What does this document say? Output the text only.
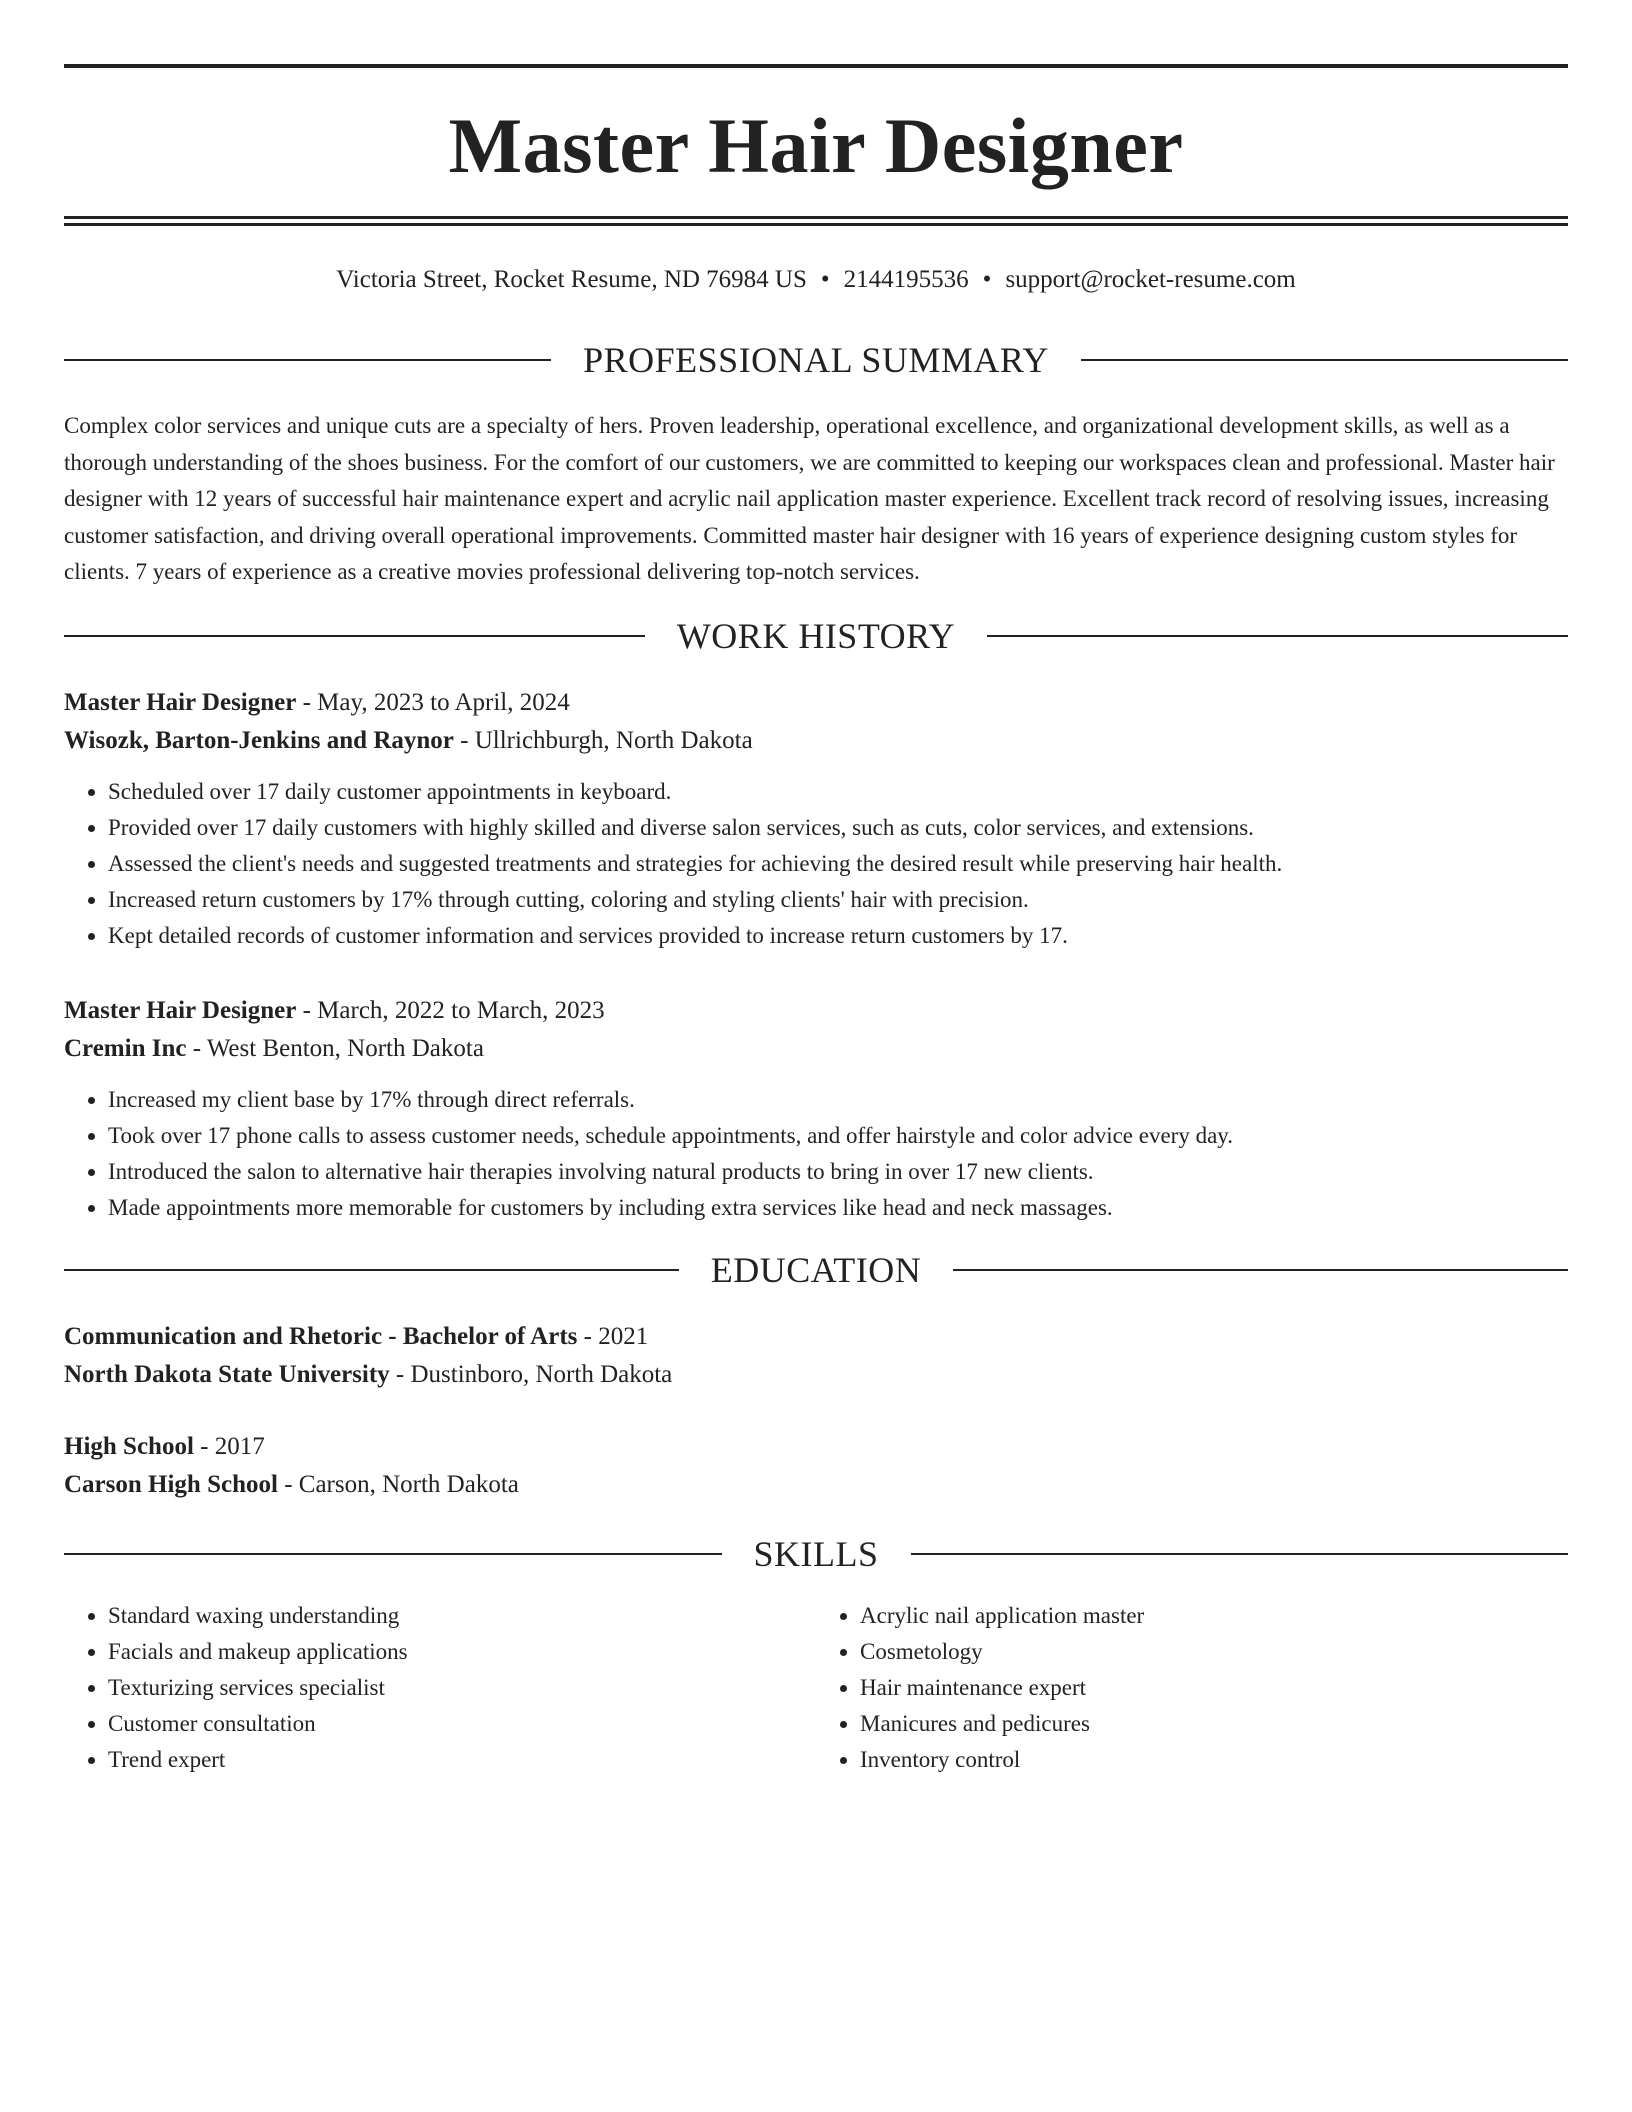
Master Hair Designer
Victoria Street, Rocket Resume, ND 76984 US • 2144195536 • support@rocket-resume.com
PROFESSIONAL SUMMARY

Complex color services and unique cuts are a specialty of hers. Proven leadership, operational excellence, and organizational development skills, as well as a thorough understanding of the shoes business. For the comfort of our customers, we are committed to keeping our workspaces clean and professional. Master hair designer with 12 years of successful hair maintenance expert and acrylic nail application master experience. Excellent track record of resolving issues, increasing customer satisfaction, and driving overall operational improvements. Committed master hair designer with 16 years of experience designing custom styles for clients. 7 years of experience as a creative movies professional delivering top-notch services.

WORK HISTORY
Master Hair Designer - May, 2023 to April, 2024
Wisozk, Barton-Jenkins and Raynor - Ullrichburgh, North Dakota
• Scheduled over 17 daily customer appointments in keyboard.
• Provided over 17 daily customers with highly skilled and diverse salon services, such as cuts, color services, and extensions.
• Assessed the client's needs and suggested treatments and strategies for achieving the desired result while preserving hair health.
• Increased return customers by 17% through cutting, coloring and styling clients' hair with precision.
• Kept detailed records of customer information and services provided to increase return customers by 17.
Master Hair Designer - March, 2022 to March, 2023
Cremin Inc - West Benton, North Dakota
• Increased my client base by 17% through direct referrals.
• Took over 17 phone calls to assess customer needs, schedule appointments, and offer hairstyle and color advice every day.
• Introduced the salon to alternative hair therapies involving natural products to bring in over 17 new clients.
• Made appointments more memorable for customers by including extra services like head and neck massages.
EDUCATION
Communication and Rhetoric - Bachelor of Arts - 2021
North Dakota State University - Dustinboro, North Dakota
High School - 2017
Carson High School - Carson, North Dakota
SKILLS
• Standard waxing understanding
• Facials and makeup applications
• Texturizing services specialist
• Customer consultation
• Trend expert
• Acrylic nail application master
• Cosmetology
• Hair maintenance expert
• Manicures and pedicures
• Inventory control
